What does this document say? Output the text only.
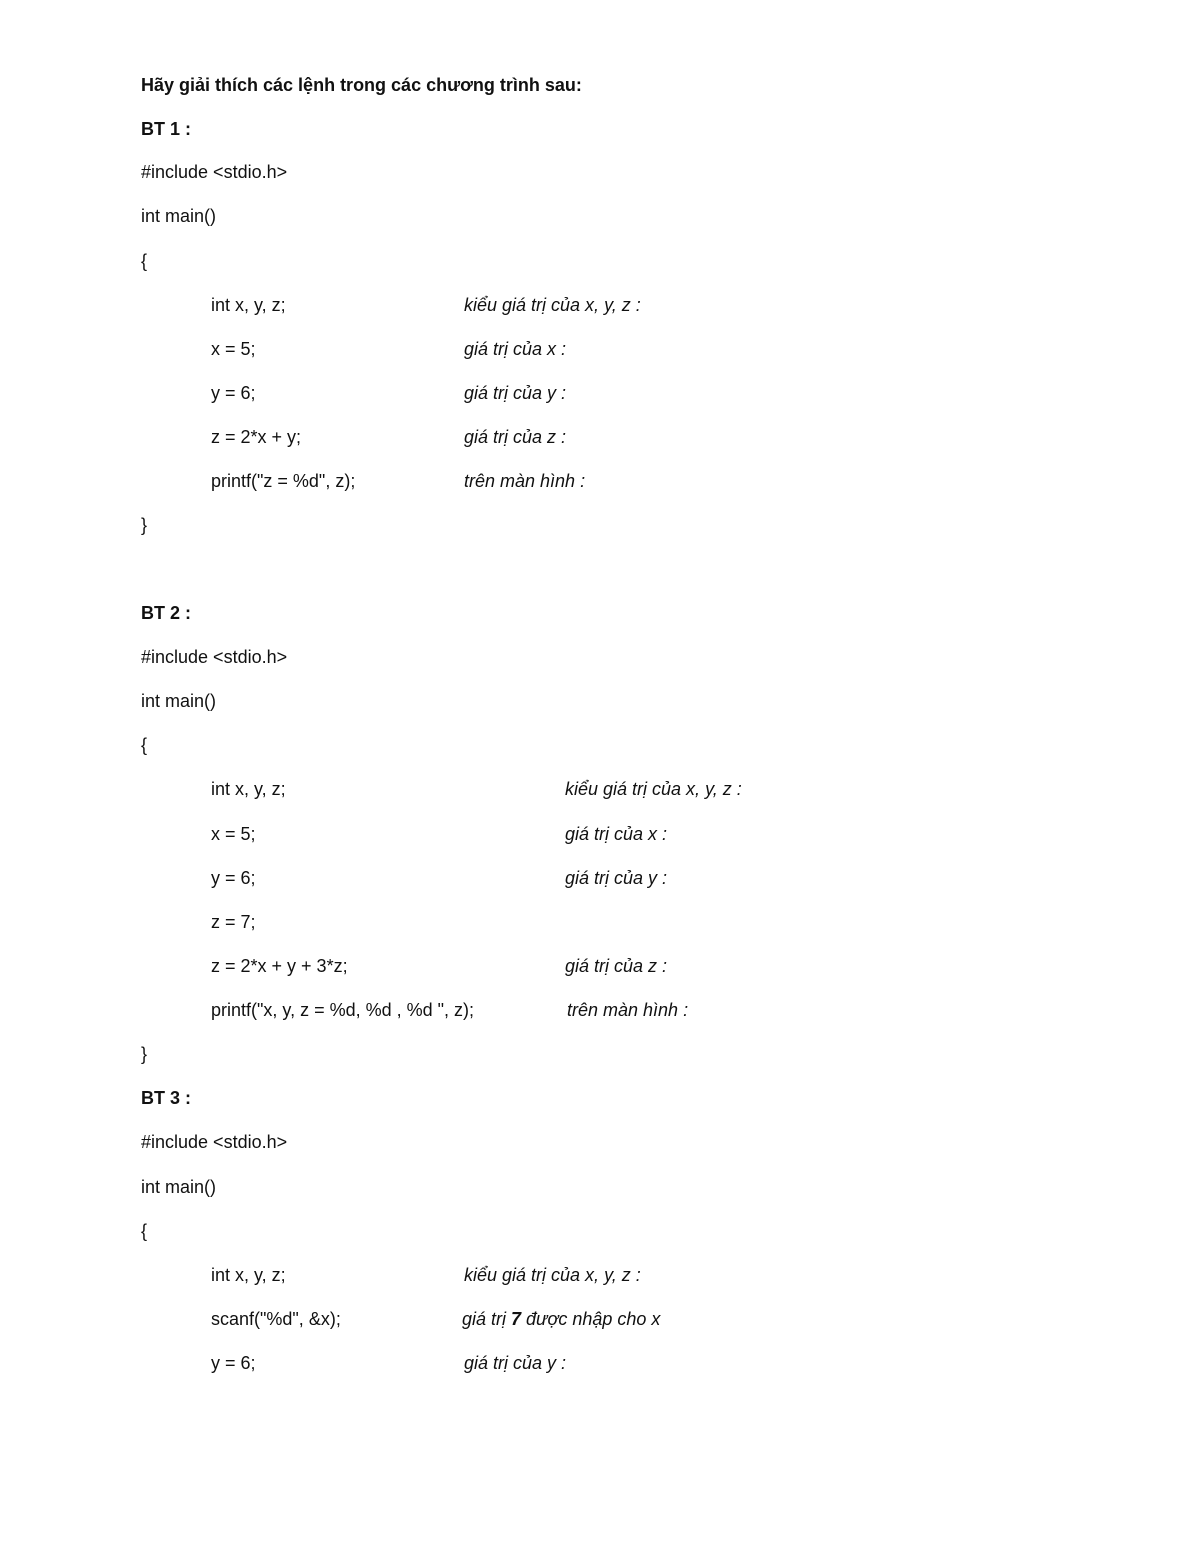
Hãy giải thích các lệnh trong các chương trình sau:
BT 1 :
#include <stdio.h>
int main()
{
int x, y, z;	kiểu giá trị của x, y, z :
x = 5;	giá trị của x :
y = 6;	giá trị của y :
z = 2*x + y;	giá trị của z :
printf("z = %d", z);	trên màn hình :
}
BT 2 :
#include <stdio.h>
int main()
{
int x, y, z;	kiểu giá trị của x, y, z :
x = 5;	giá trị của x :
y = 6;	giá trị của y :
z = 7;
z = 2*x + y + 3*z;	giá trị của z :
printf("x, y, z = %d, %d , %d ", z);	trên màn hình :
}
BT 3 :
#include <stdio.h>
int main()
{
int x, y, z;	kiểu giá trị của x, y, z :
scanf("%d", &x);	giá trị 7 được nhập cho x
y = 6;	giá trị của y :
